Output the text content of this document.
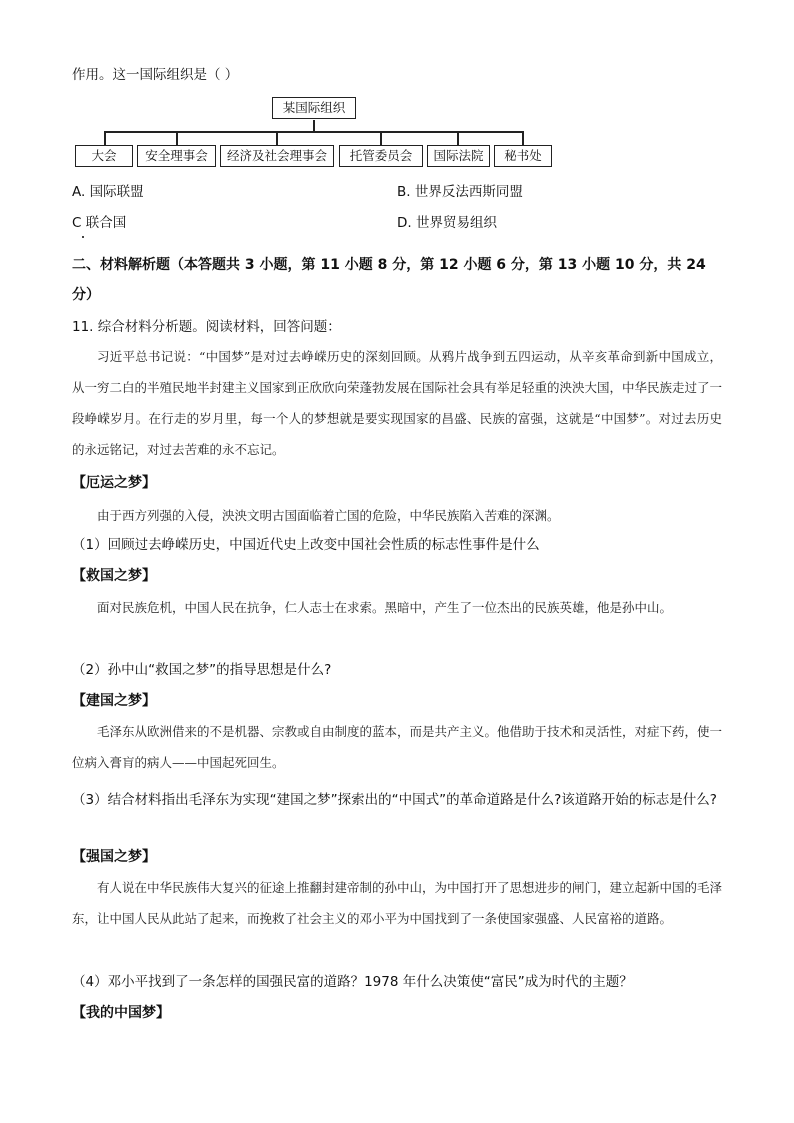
作用。这一国际组织是（ ）
某国际组织
大会	安全理事会	经济及社会理事会	托管委员会	国际法院	秘书处
A. 国际联盟	B. 世界反法西斯同盟
C 联合国	D. 世界贸易组织
二、材料解析题（本答题共 3 小题，第 11 小题 8 分，第 12 小题 6 分，第 13 小题 10 分，共 24 分）
11. 综合材料分析题。阅读材料，回答问题：
习近平总书记说：“中国梦”是对过去峥嵘历史的深刻回顾。从鸦片战争到五四运动，从辛亥革命到新中国成立，从一穷二白的半殖民地半封建主义国家到正欣欣向荣蓬勃发展在国际社会具有举足轻重的泱泱大国，中华民族走过了一段峥嵘岁月。在行走的岁月里，每一个人的梦想就是要实现国家的昌盛、民族的富强，这就是“中国梦”。对过去历史的永远铭记，对过去苦难的永不忘记。
【厄运之梦】
由于西方列强的入侵，泱泱文明古国面临着亡国的危险，中华民族陷入苦难的深渊。
（1）回顾过去峥嵘历史，中国近代史上改变中国社会性质的标志性事件是什么
【救国之梦】
面对民族危机，中国人民在抗争，仁人志士在求索。黑暗中，产生了一位杰出的民族英雄，他是孙中山。
（2）孙中山“救国之梦”的指导思想是什么?
【建国之梦】
毛泽东从欧洲借来的不是机器、宗教或自由制度的蓝本，而是共产主义。他借助于技术和灵活性，对症下药，使一位病入膏肓的病人——中国起死回生。
（3）结合材料指出毛泽东为实现“建国之梦”探索出的“中国式”的革命道路是什么?该道路开始的标志是什么?
【强国之梦】
有人说在中华民族伟大复兴的征途上推翻封建帝制的孙中山，为中国打开了思想进步的闸门，建立起新中国的毛泽东，让中国人民从此站了起来，而挽救了社会主义的邓小平为中国找到了一条使国家强盛、人民富裕的道路。
（4）邓小平找到了一条怎样的国强民富的道路？1978 年什么决策使“富民”成为时代的主题？
【我的中国梦】
